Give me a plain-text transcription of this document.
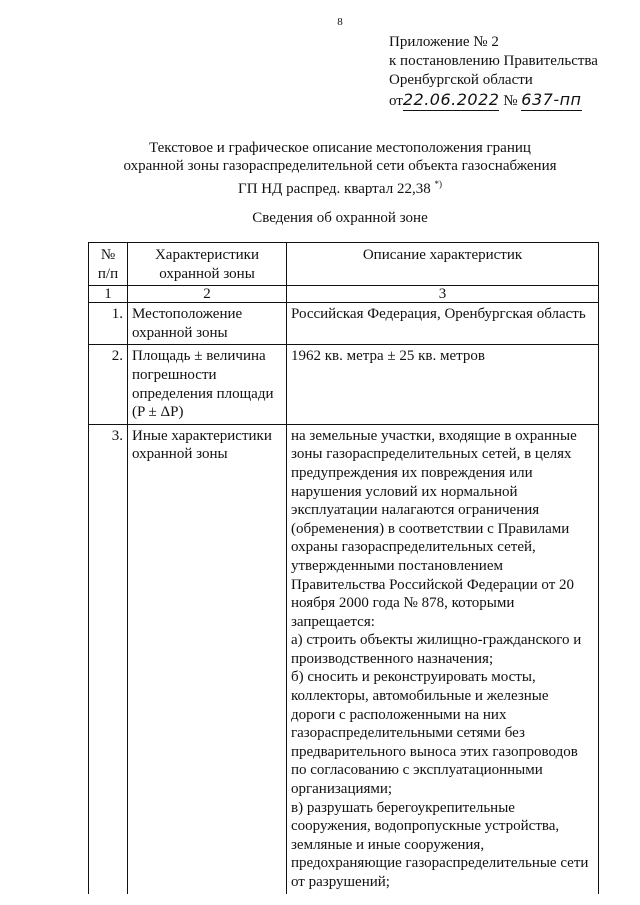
8
Приложение № 2
к постановлению Правительства
Оренбургской области
от22.06.2022 № 637-пп
Текстовое и графическое описание местоположения границ
охранной зоны газораспределительной сети объекта газоснабжения
ГП НД распред. квартал 22,38 *)
Сведения об охранной зоне
№ п/п	Характеристики охранной зоны	Описание характеристик
1	2	3
1.	Местоположение охранной зоны	Российская Федерация, Оренбургская область
2.	Площадь ± величина погрешности определения площади (P ± ΔP)	1962 кв. метра ± 25 кв. метров
3.	Иные характеристики охранной зоны	на земельные участки, входящие в охранные зоны газораспределительных сетей, в целях предупреждения их повреждения или нарушения условий их нормальной эксплуатации налагаются ограничения (обременения) в соответствии с Правилами охраны газораспределительных сетей, утвержденными постановлением Правительства Российской Федерации от 20 ноября 2000 года № 878, которыми запрещается:
а) строить объекты жилищно-гражданского и производственного назначения;
б) сносить и реконструировать мосты, коллекторы, автомобильные и железные дороги с расположенными на них газораспределительными сетями без предварительного выноса этих газопроводов по согласованию с эксплуатационными организациями;
в) разрушать берегоукрепительные сооружения, водопропускные устройства, земляные и иные сооружения, предохраняющие газораспределительные сети от разрушений;
